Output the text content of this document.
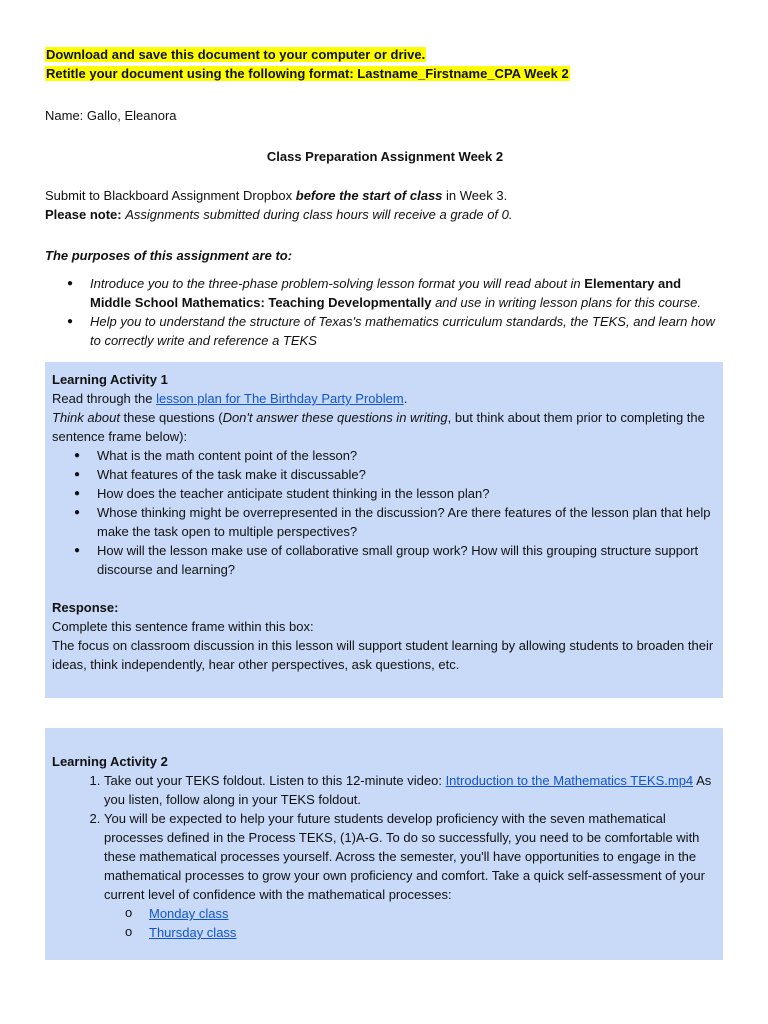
Download and save this document to your computer or drive.
Retitle your document using the following format: Lastname_Firstname_CPA Week 2
Name: Gallo, Eleanora
Class Preparation Assignment Week 2
Submit to Blackboard Assignment Dropbox before the start of class in Week 3.
Please note: Assignments submitted during class hours will receive a grade of 0.
The purposes of this assignment are to:
● Introduce you to the three-phase problem-solving lesson format you will read about in Elementary and Middle School Mathematics: Teaching Developmentally and use in writing lesson plans for this course.
● Help you to understand the structure of Texas's mathematics curriculum standards, the TEKS, and learn how to correctly write and reference a TEKS
Learning Activity 1
Read through the lesson plan for The Birthday Party Problem.
Think about these questions (Don't answer these questions in writing, but think about them prior to completing the sentence frame below):
● What is the math content point of the lesson?
● What features of the task make it discussable?
● How does the teacher anticipate student thinking in the lesson plan?
● Whose thinking might be overrepresented in the discussion? Are there features of the lesson plan that help make the task open to multiple perspectives?
● How will the lesson make use of collaborative small group work? How will this grouping structure support discourse and learning?
Response:
Complete this sentence frame within this box:
The focus on classroom discussion in this lesson will support student learning by allowing students to broaden their ideas, think independently, hear other perspectives, ask questions, etc.
Learning Activity 2
1. Take out your TEKS foldout. Listen to this 12-minute video: Introduction to the Mathematics TEKS.mp4 As you listen, follow along in your TEKS foldout.
2. You will be expected to help your future students develop proficiency with the seven mathematical processes defined in the Process TEKS, (1)A-G. To do so successfully, you need to be comfortable with these mathematical processes yourself. Across the semester, you'll have opportunities to engage in the mathematical processes to grow your own proficiency and comfort. Take a quick self-assessment of your current level of confidence with the mathematical processes:
o Monday class
o Thursday class
